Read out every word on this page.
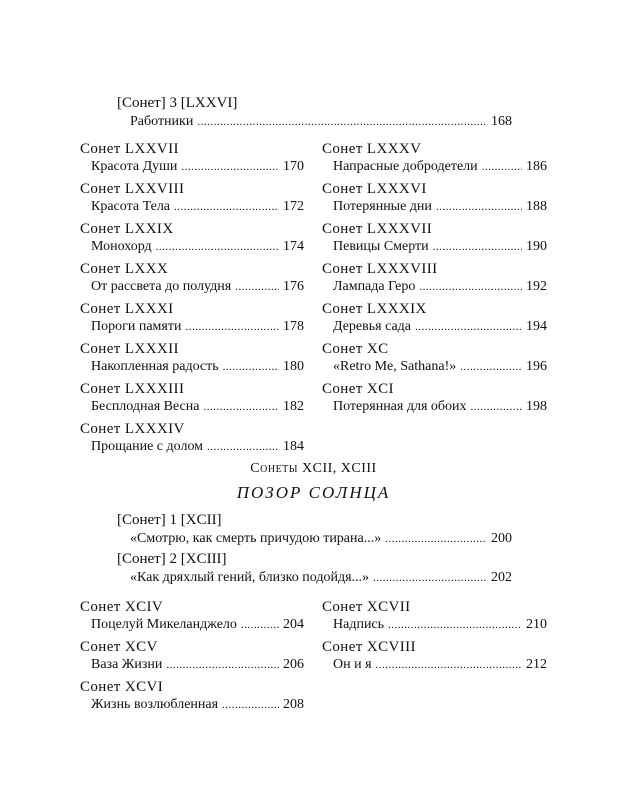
[Сонет] 3 [LXXVI]
Работники .....	168
Сонет LXXVII
Красота Души .....	170
Сонет LXXVIII
Красота Тела .....	172
Сонет LXXIX
Монохорд .....	174
Сонет LXXX
От рассвета до полудня .....	176
Сонет LXXXI
Пороги памяти .....	178
Сонет LXXXII
Накопленная радость .....	180
Сонет LXXXIII
Бесплодная Весна .....	182
Сонет LXXXIV
Прощание с долом .....	184
Сонет LXXXV
Напрасные добродетели .....	186
Сонет LXXXVI
Потерянные дни .....	188
Сонет LXXXVII
Певицы Смерти .....	190
Сонет LXXXVIII
Лампада Геро .....	192
Сонет LXXXIX
Деревья сада .....	194
Сонет XC
«Retro Me, Sathana!» .....	196
Сонет XCI
Потерянная для обоих .....	198
Сонеты XCII, XCIII
ПОЗОР СОЛНЦА
[Сонет] 1 [XCII]
«Смотрю, как смерть причудою тирана...» .....	200
[Сонет] 2 [XCIII]
«Как дряхлый гений, близко подойдя...» .....	202
Сонет XCIV
Поцелуй Микеланджело .....	204
Сонет XCV
Ваза Жизни .....	206
Сонет XCVI
Жизнь возлюбленная .....	208
Сонет XCVII
Надпись .....	210
Сонет XCVIII
Он и я .....	212
